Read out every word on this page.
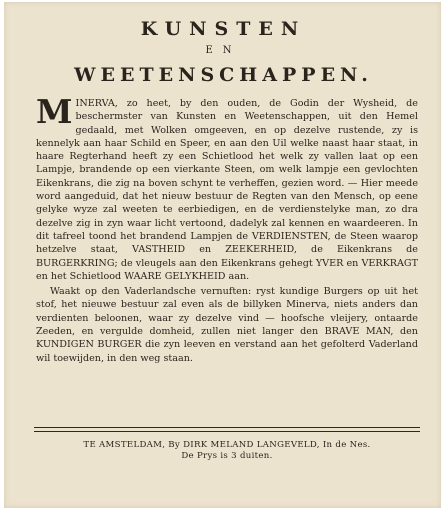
KUNSTEN
EN
WEETENSCHAPPEN.

MINERVA, zo heet, by den ouden, de Godin der Wysheid, de beschermster van Kunsten en Weetenschappen, uit den Hemel gedaald, met Wolken omgeeven, en op dezelve rustende, zy is kennelyk aan haar Schild en Speer, en aan den Uil welke naast haar staat, in haare Regterhand heeft zy een Schietlood het welk zy vallen laat op een Lampje, brandende op een vierkante Steen, om welk lampje een gevlochten Eikenkrans, die zig na boven schynt te verheffen, gezien word. — Hier meede word aangeduid, dat het nieuw bestuur de Regten van den Mensch, op eene gelyke wyze zal weeten te eerbiedigen, en de verdienstelyke man, zo dra dezelve zig in zyn waar licht vertoond, dadelyk zal kennen en waardeeren. In dit tafreel toond het brandend Lampjen de VERDIENSTEN, de Steen waarop hetzelve staat, VASTHEID en ZEEKERHEID, de Eikenkrans de BURGERKRING; de vleugels aan den Eikenkrans gehegt YVER en VERKRAGT en het Schietlood WAARE GELYKHEID aan.

Waakt op den Vaderlandsche vernuften: ryst kundige Burgers op uit het stof, het nieuwe bestuur zal even als de billyken Minerva, niets anders dan verdienten beloonen, waar zy dezelve vind — hoofsche vleijery, ontaarde Zeeden, en vergulde domheid, zullen niet langer den BRAVE MAN, den KUNDIGEN BURGER die zyn leeven en verstand aan het gefolterd Vaderland wil toewijden, in den weg staan.

TE AMSTELDAM, By DIRK MELAND LANGEVELD, In de Nes.
De Prys is 3 duiten.
